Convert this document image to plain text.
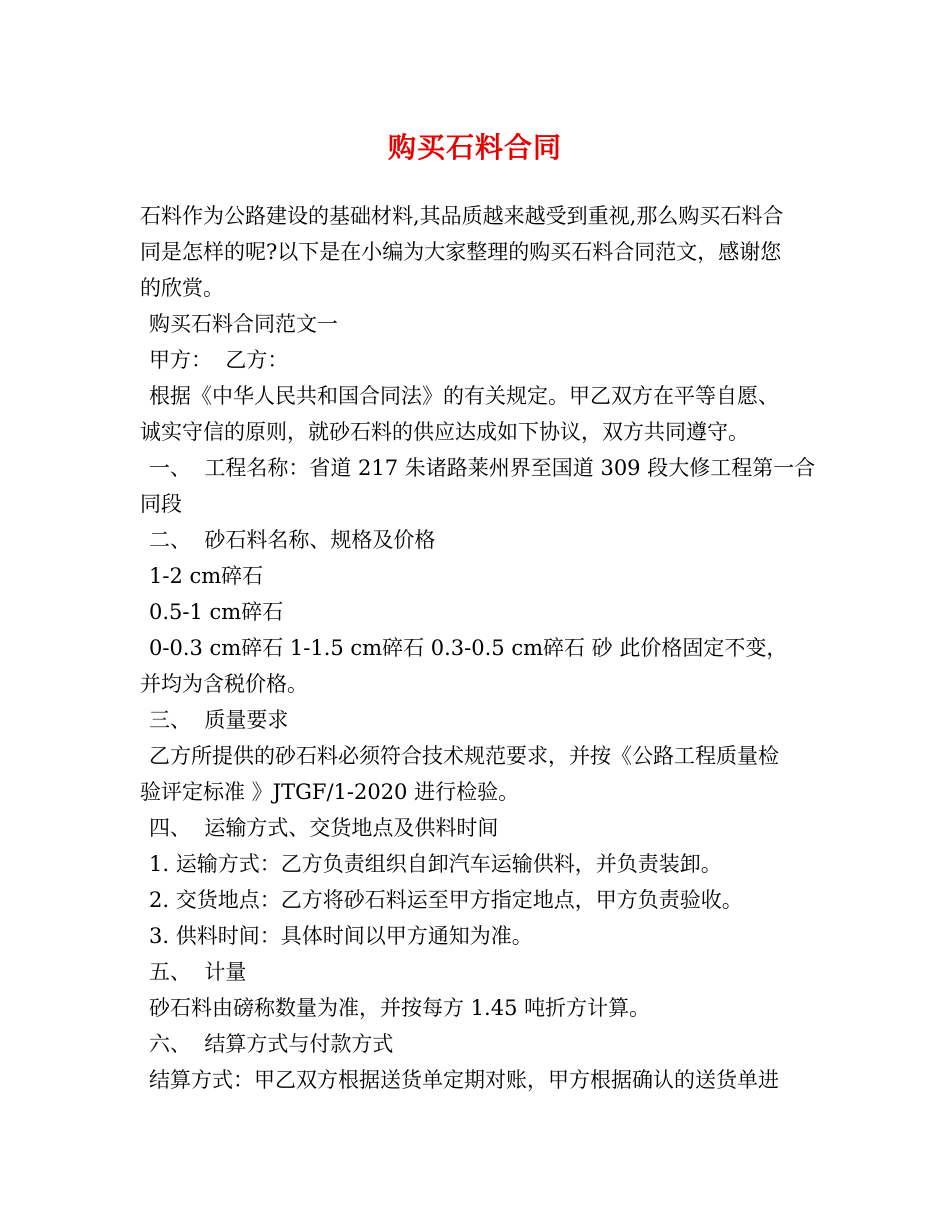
购买石料合同

石料作为公路建设的基础材料,其品质越来越受到重视,那么购买石料合

同是怎样的呢?以下是在小编为大家整理的购买石料合同范文，感谢您

的欣赏。

购买石料合同范文一

甲方：  乙方：

根据《中华人民共和国合同法》的有关规定。甲乙双方在平等自愿、

诚实守信的原则，就砂石料的供应达成如下协议，双方共同遵守。

一、  工程名称：省道 217 朱诸路莱州界至国道 309 段大修工程第一合

同段

二、  砂石料名称、规格及价格

1-2 cm碎石

0.5-1 cm碎石

0-0.3 cm碎石 1-1.5 cm碎石 0.3-0.5 cm碎石 砂 此价格固定不变，

并均为含税价格。

三、  质量要求

乙方所提供的砂石料必须符合技术规范要求，并按《公路工程质量检

验评定标准 》JTGF/1-2020 进行检验。

四、  运输方式、交货地点及供料时间

1. 运输方式：乙方负责组织自卸汽车运输供料，并负责装卸。

2. 交货地点：乙方将砂石料运至甲方指定地点，甲方负责验收。

3. 供料时间：具体时间以甲方通知为准。

五、  计量

砂石料由磅称数量为准，并按每方 1.45 吨折方计算。

六、  结算方式与付款方式

结算方式：甲乙双方根据送货单定期对账，甲方根据确认的送货单进
